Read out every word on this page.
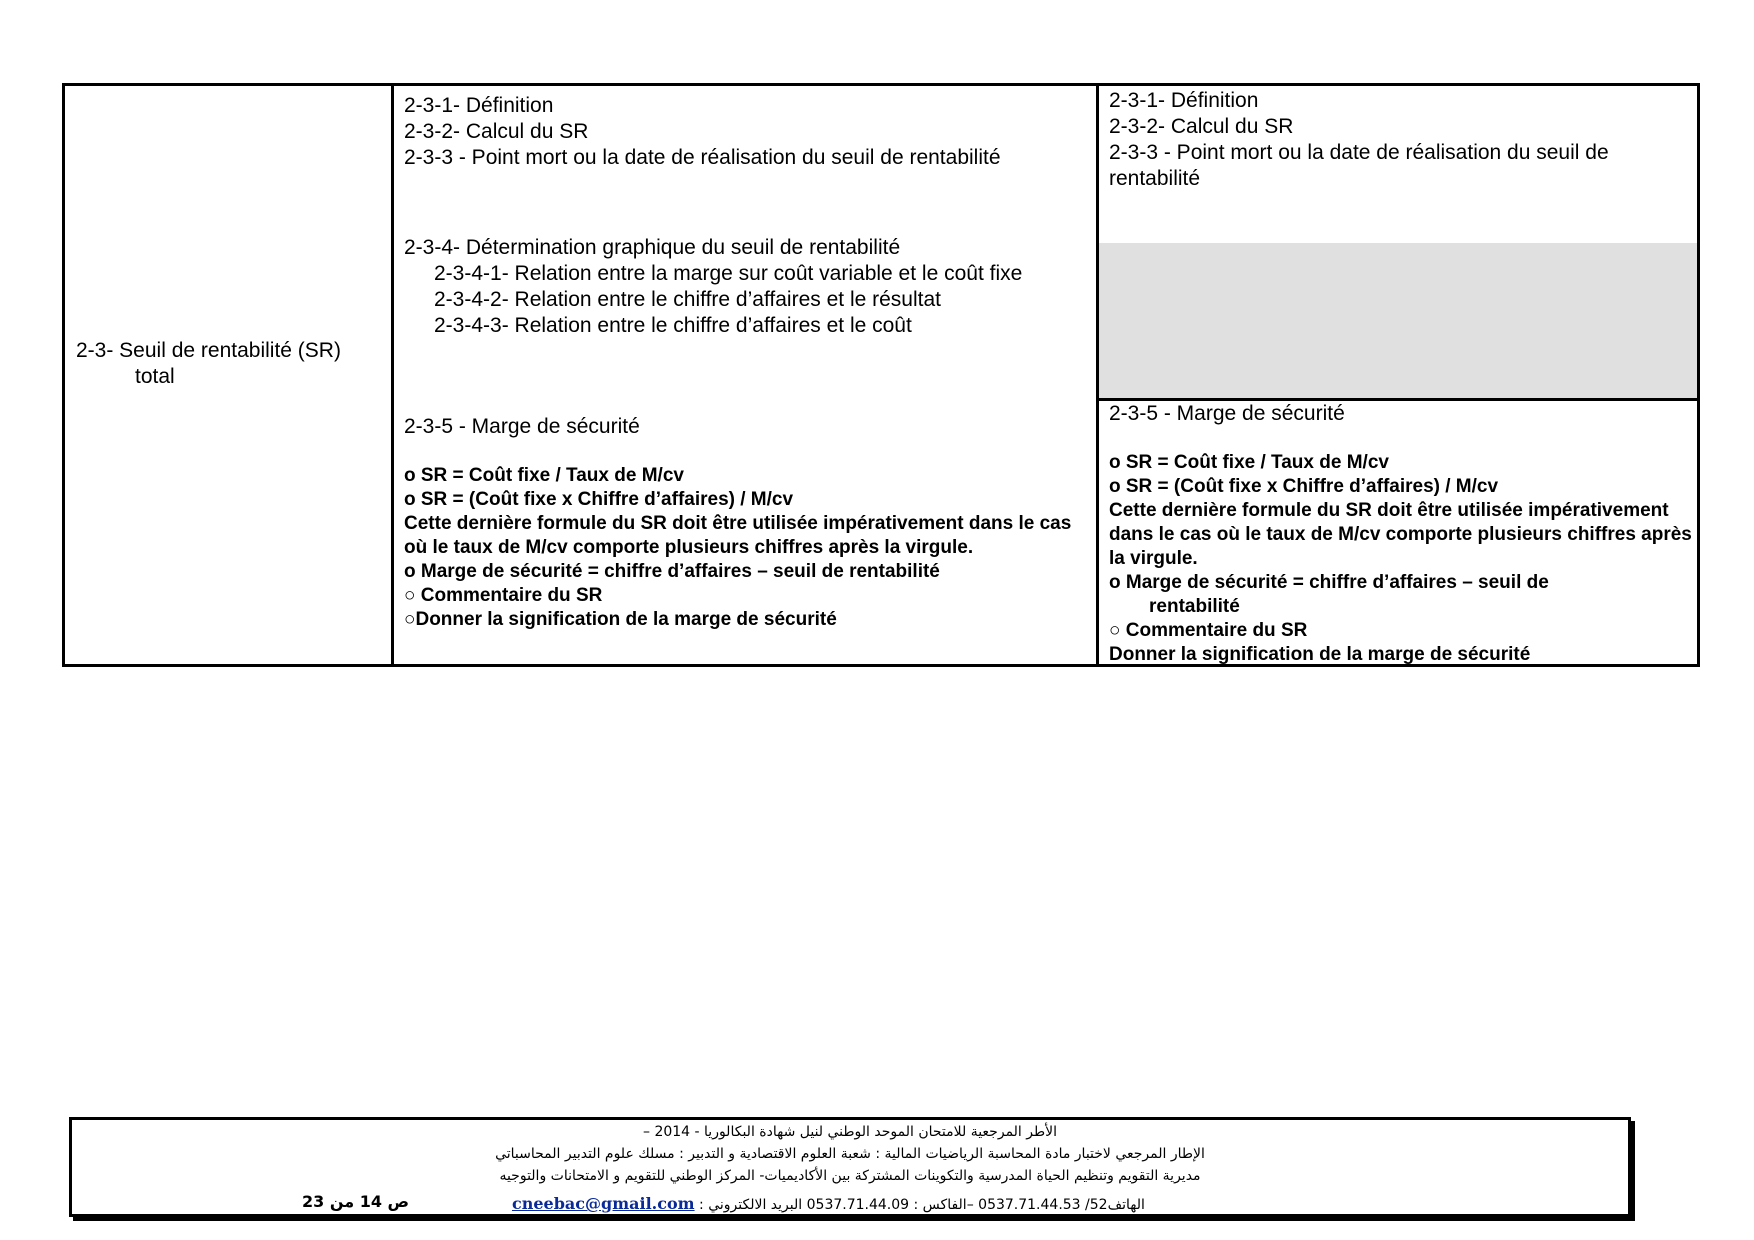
2-3- Seuil de rentabilité (SR)
total
2-3-1- Définition
2-3-2- Calcul du SR
2-3-3 - Point mort ou la date de réalisation du seuil de rentabilité
2-3-4- Détermination graphique du seuil de rentabilité
2-3-4-1- Relation entre la marge sur coût variable et le coût fixe
2-3-4-2- Relation entre le chiffre d’affaires et le résultat
2-3-4-3- Relation entre le chiffre d’affaires et le coût
2-3-5 - Marge de sécurité
o SR = Coût fixe / Taux de M/cv
o SR = (Coût fixe x Chiffre d’affaires) / M/cv
Cette dernière formule du SR doit être utilisée impérativement dans le cas où le taux de M/cv comporte plusieurs chiffres après la virgule.
o Marge de sécurité = chiffre d’affaires – seuil de rentabilité
○ Commentaire du SR
○Donner la signification de la marge de sécurité
2-3-1- Définition
2-3-2- Calcul du SR
2-3-3 - Point mort ou la date de réalisation du seuil de rentabilité
2-3-5 - Marge de sécurité
o SR = Coût fixe / Taux de M/cv
o SR = (Coût fixe x Chiffre d’affaires) / M/cv
Cette dernière formule du SR doit être utilisée impérativement dans le cas où le taux de M/cv comporte plusieurs chiffres après la virgule.
o Marge de sécurité = chiffre d’affaires – seuil de
rentabilité
○ Commentaire du SR
Donner la signification de la marge de sécurité
الأطر المرجعية للامتحان الموحد الوطني لنيل شهادة البكالوريا - 2014 –
الإطار المرجعي لاختبار مادة المحاسبة الرياضيات المالية : شعبة العلوم الاقتصادية و التدبير : مسلك علوم التدبير المحاسباتي
مديرية التقويم وتنظيم الحياة المدرسية والتكوينات المشتركة بين الأكاديميات- المركز الوطني للتقويم و الامتحانات والتوجيه
الهاتف52/ 0537.71.44.53 –الفاكس : 0537.71.44.09 البريد الالكتروني : cneebac@gmail.com
ص 14 من 23
